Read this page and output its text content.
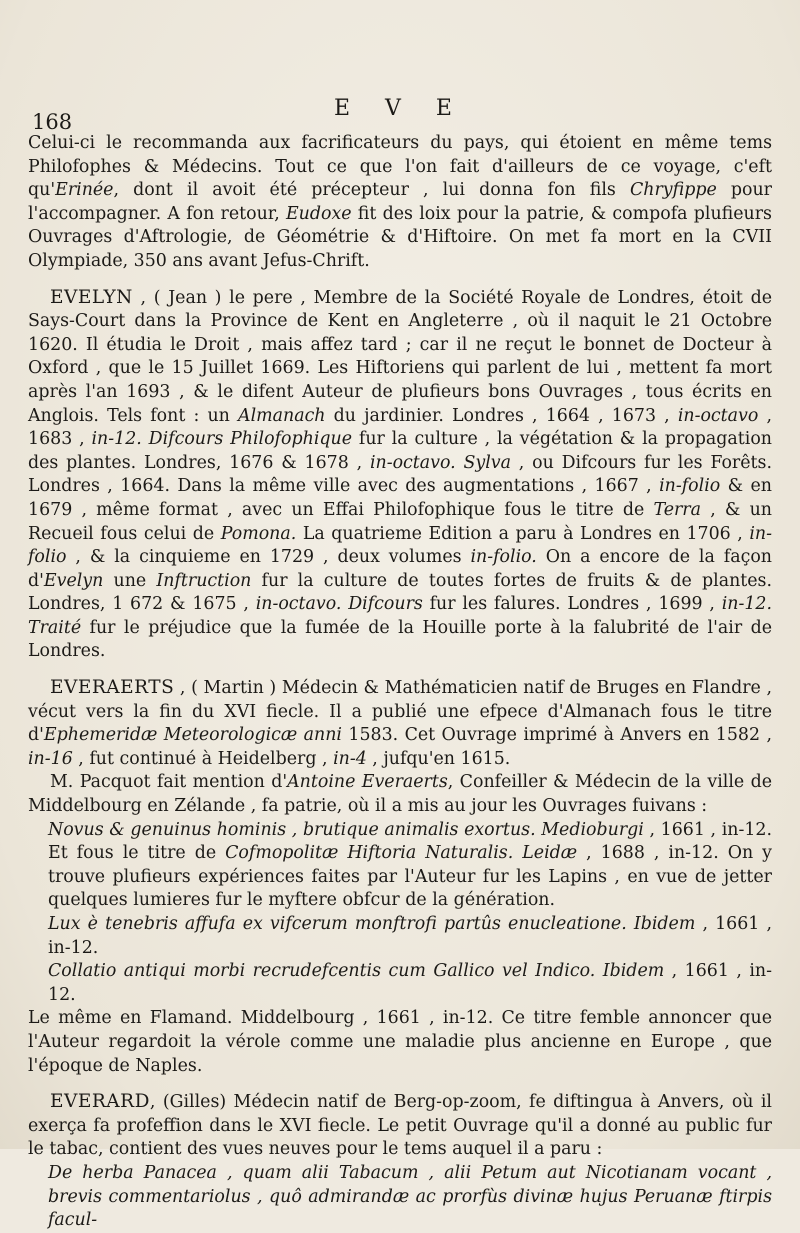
168
E V E

Celui-ci le recommanda aux facrificateurs du pays, qui étoient en même tems Philofophes & Médecins. Tout ce que l'on fait d'ailleurs de ce voyage, c'eft qu'Erinée, dont il avoit été précepteur , lui donna fon fils Chryfippe pour l'accompagner. A fon retour, Eudoxe fit des loix pour la patrie, & compofa plufieurs Ouvrages d'Aftrologie, de Géométrie & d'Hiftoire. On met fa mort en la CVII Olympiade, 350 ans avant Jefus-Chrift.

EVELYN , ( Jean ) le pere , Membre de la Société Royale de Londres, étoit de Says-Court dans la Province de Kent en Angleterre , où il naquit le 21 Octobre 1620. Il étudia le Droit , mais affez tard ; car il ne reçut le bonnet de Docteur à Oxford , que le 15 Juillet 1669. Les Hiftoriens qui parlent de lui , mettent fa mort après l'an 1693 , & le difent Auteur de plufieurs bons Ouvrages , tous écrits en Anglois. Tels font : un Almanach du jardinier. Londres , 1664 , 1673 , in-octavo , 1683 , in-12. Difcours Philofophique fur la culture , la végétation & la propagation des plantes. Londres, 1676 & 1678 , in-octavo. Sylva , ou Difcours fur les Forêts. Londres , 1664. Dans la même ville avec des augmentations , 1667 , in-folio & en 1679 , même format , avec un Effai Philofophique fous le titre de Terra , & un Recueil fous celui de Pomona. La quatrieme Edition a paru à Londres en 1706 , in-folio , & la cinquieme en 1729 , deux volumes in-folio. On a encore de la façon d'Evelyn une Inftruction fur la culture de toutes fortes de fruits & de plantes. Londres, 1 672 & 1675 , in-octavo. Difcours fur les falures. Londres , 1699 , in-12. Traité fur le préjudice que la fumée de la Houille porte à la falubrité de l'air de Londres.

EVERAERTS , ( Martin ) Médecin & Mathématicien natif de Bruges en Flandre , vécut vers la fin du XVI fiecle. Il a publié une efpece d'Almanach fous le titre d'Ephemeridæ Meteorologicæ anni 1583. Cet Ouvrage imprimé à Anvers en 1582 , in-16 , fut continué à Heidelberg , in-4 , jufqu'en 1615.

M. Pacquot fait mention d'Antoine Everaerts, Confeiller & Médecin de la ville de Middelbourg en Zélande , fa patrie, où il a mis au jour les Ouvrages fuivans :

Novus & genuinus hominis , brutique animalis exortus. Medioburgi , 1661 , in-12. Et fous le titre de Cofmopolitæ Hiftoria Naturalis. Leidæ , 1688 , in-12. On y trouve plufieurs expériences faites par l'Auteur fur les Lapins , en vue de jetter quelques lumieres fur le myftere obfcur de la génération.

Lux è tenebris affufa ex vifcerum monftrofi partûs enucleatione. Ibidem , 1661 , in-12.

Collatio antiqui morbi recrudefcentis cum Gallico vel Indico. Ibidem , 1661 , in-12.

Le même en Flamand. Middelbourg , 1661 , in-12. Ce titre femble annoncer que l'Auteur regardoit la vérole comme une maladie plus ancienne en Europe , que l'époque de Naples.

EVERARD, (Gilles) Médecin natif de Berg-op-zoom, fe diftingua à Anvers, où il exerça fa profeffion dans le XVI fiecle. Le petit Ouvrage qu'il a donné au public fur le tabac, contient des vues neuves pour le tems auquel il a paru :

De herba Panacea , quam alii Tabacum , alii Petum aut Nicotianam vocant , brevis commentariolus , quô admirandæ ac prorfùs divinæ hujus Peruanæ ftirpis facul-
